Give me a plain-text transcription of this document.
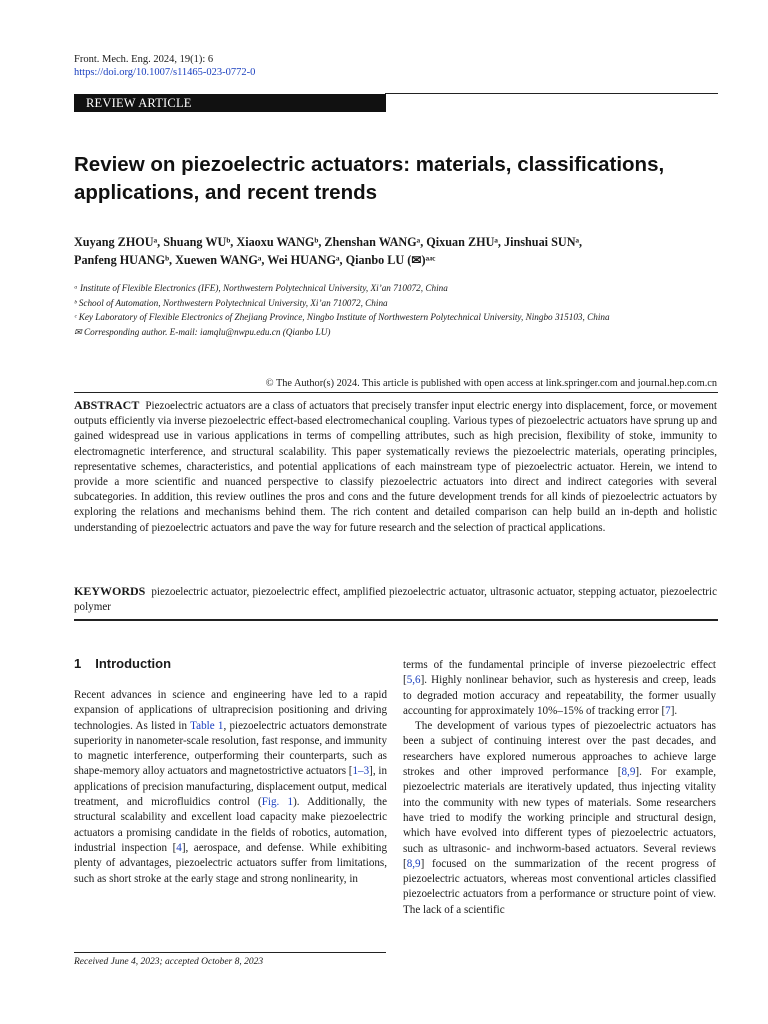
Front. Mech. Eng. 2024, 19(1): 6
https://doi.org/10.1007/s11465-023-0772-0
REVIEW ARTICLE
Review on piezoelectric actuators: materials, classifications, applications, and recent trends
Xuyang ZHOUᵃ, Shuang WUᵇ, Xiaoxu WANGᵇ, Zhenshan WANGᵃ, Qixuan ZHUᵃ, Jinshuai SUNᵃ,
Panfeng HUANGᵇ, Xuewen WANGᵃ, Wei HUANGᵃ, Qianbo LU (✉)ᵃʴᶜ
ᵃ Institute of Flexible Electronics (IFE), Northwestern Polytechnical University, Xi’an 710072, China
ᵇ School of Automation, Northwestern Polytechnical University, Xi’an 710072, China
ᶜ Key Laboratory of Flexible Electronics of Zhejiang Province, Ningbo Institute of Northwestern Polytechnical University, Ningbo 315103, China
✉ Corresponding author. E-mail: iamqlu@nwpu.edu.cn (Qianbo LU)
© The Author(s) 2024. This article is published with open access at link.springer.com and journal.hep.com.cn

ABSTRACT Piezoelectric actuators are a class of actuators that precisely transfer input electric energy into displacement, force, or movement outputs efficiently via inverse piezoelectric effect-based electromechanical coupling. Various types of piezoelectric actuators have sprung up and gained widespread use in various applications in terms of compelling attributes, such as high precision, flexibility of stoke, immunity to electromagnetic interference, and structural scalability. This paper systematically reviews the piezoelectric materials, operating principles, representative schemes, characteristics, and potential applications of each mainstream type of piezoelectric actuator. Herein, we intend to provide a more scientific and nuanced perspective to classify piezoelectric actuators into direct and indirect categories with several subcategories. In addition, this review outlines the pros and cons and the future development trends for all kinds of piezoelectric actuators by exploring the relations and mechanisms behind them. The rich content and detailed comparison can help build an in-depth and holistic understanding of piezoelectric actuators and pave the way for future research and the selection of practical applications.

KEYWORDS piezoelectric actuator, piezoelectric effect, amplified piezoelectric actuator, ultrasonic actuator, stepping actuator, piezoelectric polymer

1 Introduction

Recent advances in science and engineering have led to a rapid expansion of applications of ultraprecision positioning and driving technologies. As listed in Table 1, piezoelectric actuators demonstrate superiority in nanometer-scale resolution, fast response, and immunity to magnetic interference, outperforming their counterparts, such as shape-memory alloy actuators and magnetostrictive actuators [1–3], in applications of precision manufacturing, displacement output, medical treatment, and microfluidics control (Fig. 1). Additionally, the structural scalability and excellent load capacity make piezoelectric actuators a promising candidate in the fields of robotics, automation, industrial inspection [4], aerospace, and defense. While exhibiting plenty of advantages, piezoelectric actuators suffer from limitations, such as short stroke at the early stage and strong nonlinearity, in

terms of the fundamental principle of inverse piezoelectric effect [5,6]. Highly nonlinear behavior, such as hysteresis and creep, leads to degraded motion accuracy and repeatability, the former usually accounting for approximately 10%–15% of tracking error [7].

The development of various types of piezoelectric actuators has been a subject of continuing interest over the past decades, and researchers have explored numerous approaches to achieve large strokes and other improved performance [8,9]. For example, piezoelectric materials are iteratively updated, thus injecting vitality into the community with new types of materials. Some researchers have tried to modify the working principle and structural design, which have evolved into different types of piezoelectric actuators, such as ultrasonic- and inchworm-based actuators. Several reviews [8,9] focused on the summarization of the recent progress of piezoelectric actuators, whereas most conventional articles classified piezoelectric actuators from a performance or structure point of view. The lack of a scientific

Received June 4, 2023; accepted October 8, 2023
